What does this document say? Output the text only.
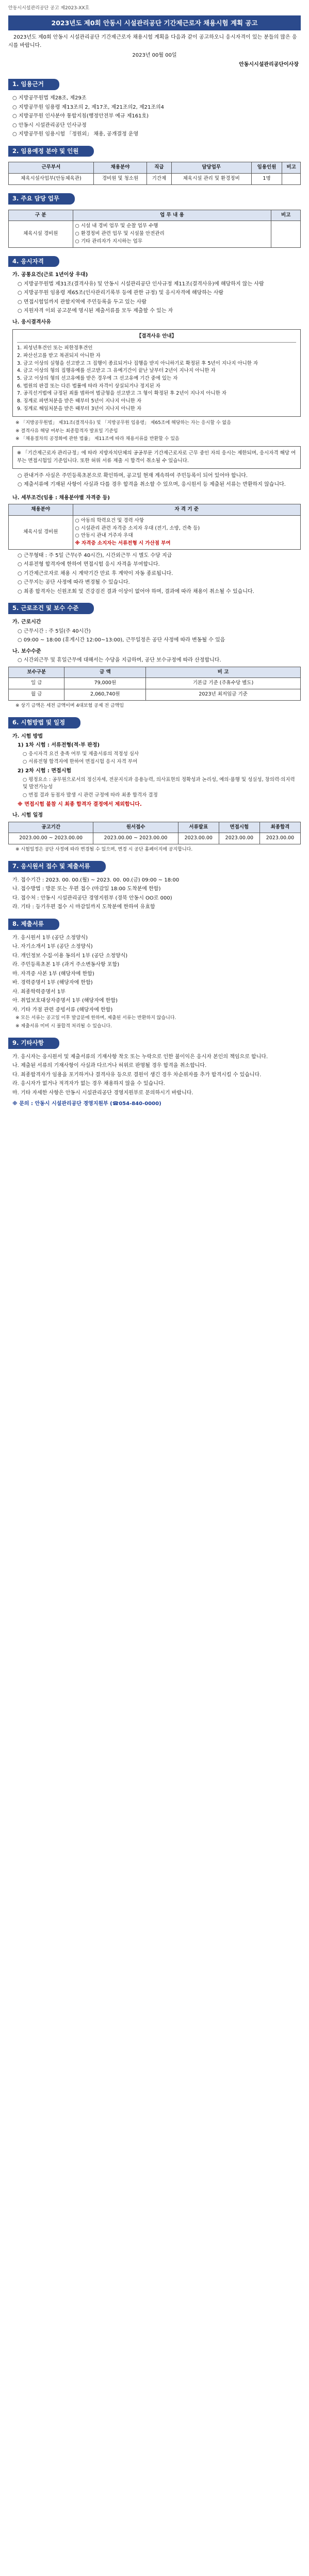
안동시시설관리공단 공고 제2023-XX호
2023년도 제0회 안동시 시설관리공단 기간제근로자 채용시험 계획 공고
2023년도 제0회 안동시 시설관리공단 기간제근로자 채용시험 계획을 다음과 같이 공고하오니 응시자격이 있는 분들의 많은 응시를 바랍니다.
2023년 00월 00일
안동시시설관리공단이사장
1. 임용근거
○ 지방공무원법 제28조, 제29조
○ 지방공무원 임용령 제13조의 2, 제17조, 제21조의2, 제21조의4
○ 지방공무원 인사분야 통합지침(행정안전부 예규 제161호)
○ 안동시 시설관리공단 인사규정
○ 지방공무원 임용시험 「정원외」 채용, 공개결정 운영
2. 임용예정 분야 및 인원
근무부서	채용분야	직급	담당업무	임용인원	비고
체육시설사업부(안동체육관)	경비원 및 청소원	기간제	체육시설 관리 및 환경정비	1명	
3. 주요 담당 업무
구 분	업 무 내 용	비고
체육시설 경비원	○ 시설 내 경비 업무 및 순찰 업무 수행
○ 환경정비 관련 업무 및 시설물 안전관리
○ 기타 관리자가 지시하는 업무	

4. 응시자격
가. 공통요건(근로 1년이상 우대)
○ 지방공무원법 제31조(결격사유) 및 안동시 시설관리공단 인사규정 제11조(결격사유)에 해당하지 않는 사람
○ 지방공무원 임용령 제65조(인사관리기록부 등에 관한 규정) 및 응시자격에 해당하는 사람
○ 면접시험일까지 관할지역에 주민등록을 두고 있는 사람
○ 지원자격 이외 공고문에 명시된 제출서류를 모두 제출할 수 있는 자
나. 응시결격사유
【결격사유 안내】
1. 피성년후견인 또는 피한정후견인
2. 파산선고를 받고 복권되지 아니한 자
3. 금고 이상의 실형을 선고받고 그 집행이 종료되거나 집행을 받지 아니하기로 확정된 후 5년이 지나지 아니한 자
4. 금고 이상의 형의 집행유예를 선고받고 그 유예기간이 끝난 날부터 2년이 지나지 아니한 자
5. 금고 이상의 형의 선고유예를 받은 경우에 그 선고유예 기간 중에 있는 자
6. 법원의 판결 또는 다른 법률에 따라 자격이 상실되거나 정지된 자
7. 공직선거법에 규정된 죄를 범하여 벌금형을 선고받고 그 형이 확정된 후 2년이 지나지 아니한 자
8. 징계로 파면처분을 받은 때부터 5년이 지나지 아니한 자
9. 징계로 해임처분을 받은 때부터 3년이 지나지 아니한 자
※ 「지방공무원법」 제31조(결격사유) 및 「지방공무원 임용령」 제65조에 해당하는 자는 응시할 수 없음
※ 결격사유 해당 여부는 최종합격자 발표일 기준임
※ 「채용절차의 공정화에 관한 법률」 제11조에 따라 채용서류를 반환할 수 있음
※ 「기간제근로자 관리규정」에 따라 지방자치단체의 공공부문 기간제근로자로 근무 중인 자의 응시는 제한되며, 응시자격 해당 여부는 면접시험일 기준입니다. 또한 허위 서류 제출 시 합격이 취소될 수 있습니다.
○ 관내거주 사실은 주민등록초본으로 확인하며, 공고일 현재 계속하여 주민등록이 되어 있어야 합니다.
○ 제출서류에 기재된 사항이 사실과 다를 경우 합격을 취소할 수 있으며, 응시원서 등 제출된 서류는 반환하지 않습니다.
나. 세부조건(임용 : 채용분야별 자격증 등)
채용분야	자 격 기 준
체육시설 경비원	○ 아동의 학력요건 및 경력 사항
○ 시설관리 관련 자격증 소지자 우대 (전기, 소방, 건축 등)
○ 안동시 관내 거주자 우대
※ 자격증 소지자는 서류전형 시 가산점 부여
○ 근무형태 : 주 5일 근무(주 40시간), 시간외근무 시 별도 수당 지급
○ 서류전형 합격자에 한하여 면접시험 응시 자격을 부여합니다.
○ 기간제근로자로 채용 시 계약기간 만료 후 계약이 자동 종료됩니다.
○ 근무지는 공단 사정에 따라 변경될 수 있습니다.
○ 최종 합격자는 신원조회 및 건강검진 결과 이상이 없어야 하며, 결과에 따라 채용이 취소될 수 있습니다.
5. 근로조건 및 보수 수준
가. 근로시간
○ 근무시간 : 주 5일(주 40시간)
○ 09:00 ~ 18:00 (휴게시간 12:00~13:00), 근무일정은 공단 사정에 따라 변동될 수 있음
나. 보수수준
○ 시간외근무 및 휴일근무에 대해서는 수당을 지급하며, 공단 보수규정에 따라 산정합니다.
보수구분	금 액	비 고
일 급	79,000원	기본급 기준 (주휴수당 별도)
월 급	2,060,740원	2023년 최저임금 기준
※ 상기 금액은 세전 금액이며 4대보험 공제 전 금액임
6. 시험방법 및 일정
가. 시험 방법
1) 1차 시험 : 서류전형(적·부 판정)
○ 응시자격 요건 충족 여부 및 제출서류의 적정성 심사
○ 서류전형 합격자에 한하여 면접시험 응시 자격 부여
2) 2차 시험 : 면접시험
○ 평정요소 : 공무원으로서의 정신자세, 전문지식과 응용능력, 의사표현의 정확성과 논리성, 예의·품행 및 성실성, 창의력·의지력 및 발전가능성
○ 면접 결과 동점자 발생 시 관련 규정에 따라 최종 합격자 결정
※ 면접시험 불참 시 최종 합격자 결정에서 제외합니다.
나. 시험 일정
공고기간	원서접수	서류발표	면접시험	최종합격
2023.00.00 ~ 2023.00.00	2023.00.00 ~ 2023.00.00	2023.00.00	2023.00.00	2023.00.00
※ 시험일정은 공단 사정에 따라 변경될 수 있으며, 변경 시 공단 홈페이지에 공지합니다.
7. 응시원서 접수 및 제출서류
가. 접수기간 : 2023. 00. 00.(월) ~ 2023. 00. 00.(금) 09:00 ~ 18:00
나. 접수방법 : 방문 또는 우편 접수 (마감일 18:00 도착분에 한함)
다. 접수처 : 안동시 시설관리공단 경영지원부 (경북 안동시 OO로 000)
라. 기타 : 등기우편 접수 시 마감일까지 도착분에 한하여 유효함
8. 제출서류
가. 응시원서 1부 (공단 소정양식)
나. 자기소개서 1부 (공단 소정양식)
다. 개인정보 수집·이용 동의서 1부 (공단 소정양식)
라. 주민등록초본 1부 (과거 주소변동사항 포함)
마. 자격증 사본 1부 (해당자에 한함)
바. 경력증명서 1부 (해당자에 한함)
사. 최종학력증명서 1부
아. 취업보호대상자증명서 1부 (해당자에 한함)
자. 기타 가점 관련 증빙서류 (해당자에 한함)
※ 모든 서류는 공고일 이후 발급분에 한하며, 제출된 서류는 반환하지 않습니다.
※ 제출서류 미비 시 불합격 처리될 수 있습니다.
9. 기타사항
가. 응시자는 응시원서 및 제출서류의 기재사항 착오 또는 누락으로 인한 불이익은 응시자 본인의 책임으로 합니다.
나. 제출된 서류의 기재사항이 사실과 다르거나 허위로 판명될 경우 합격을 취소합니다.
다. 최종합격자가 임용을 포기하거나 결격사유 등으로 결원이 생긴 경우 차순위자를 추가 합격시킬 수 있습니다.
라. 응시자가 없거나 적격자가 없는 경우 채용하지 않을 수 있습니다.
마. 기타 자세한 사항은 안동시 시설관리공단 경영지원부로 문의하시기 바랍니다.
※ 문의 : 안동시 시설관리공단 경영지원부 (☎054-840-0000)
